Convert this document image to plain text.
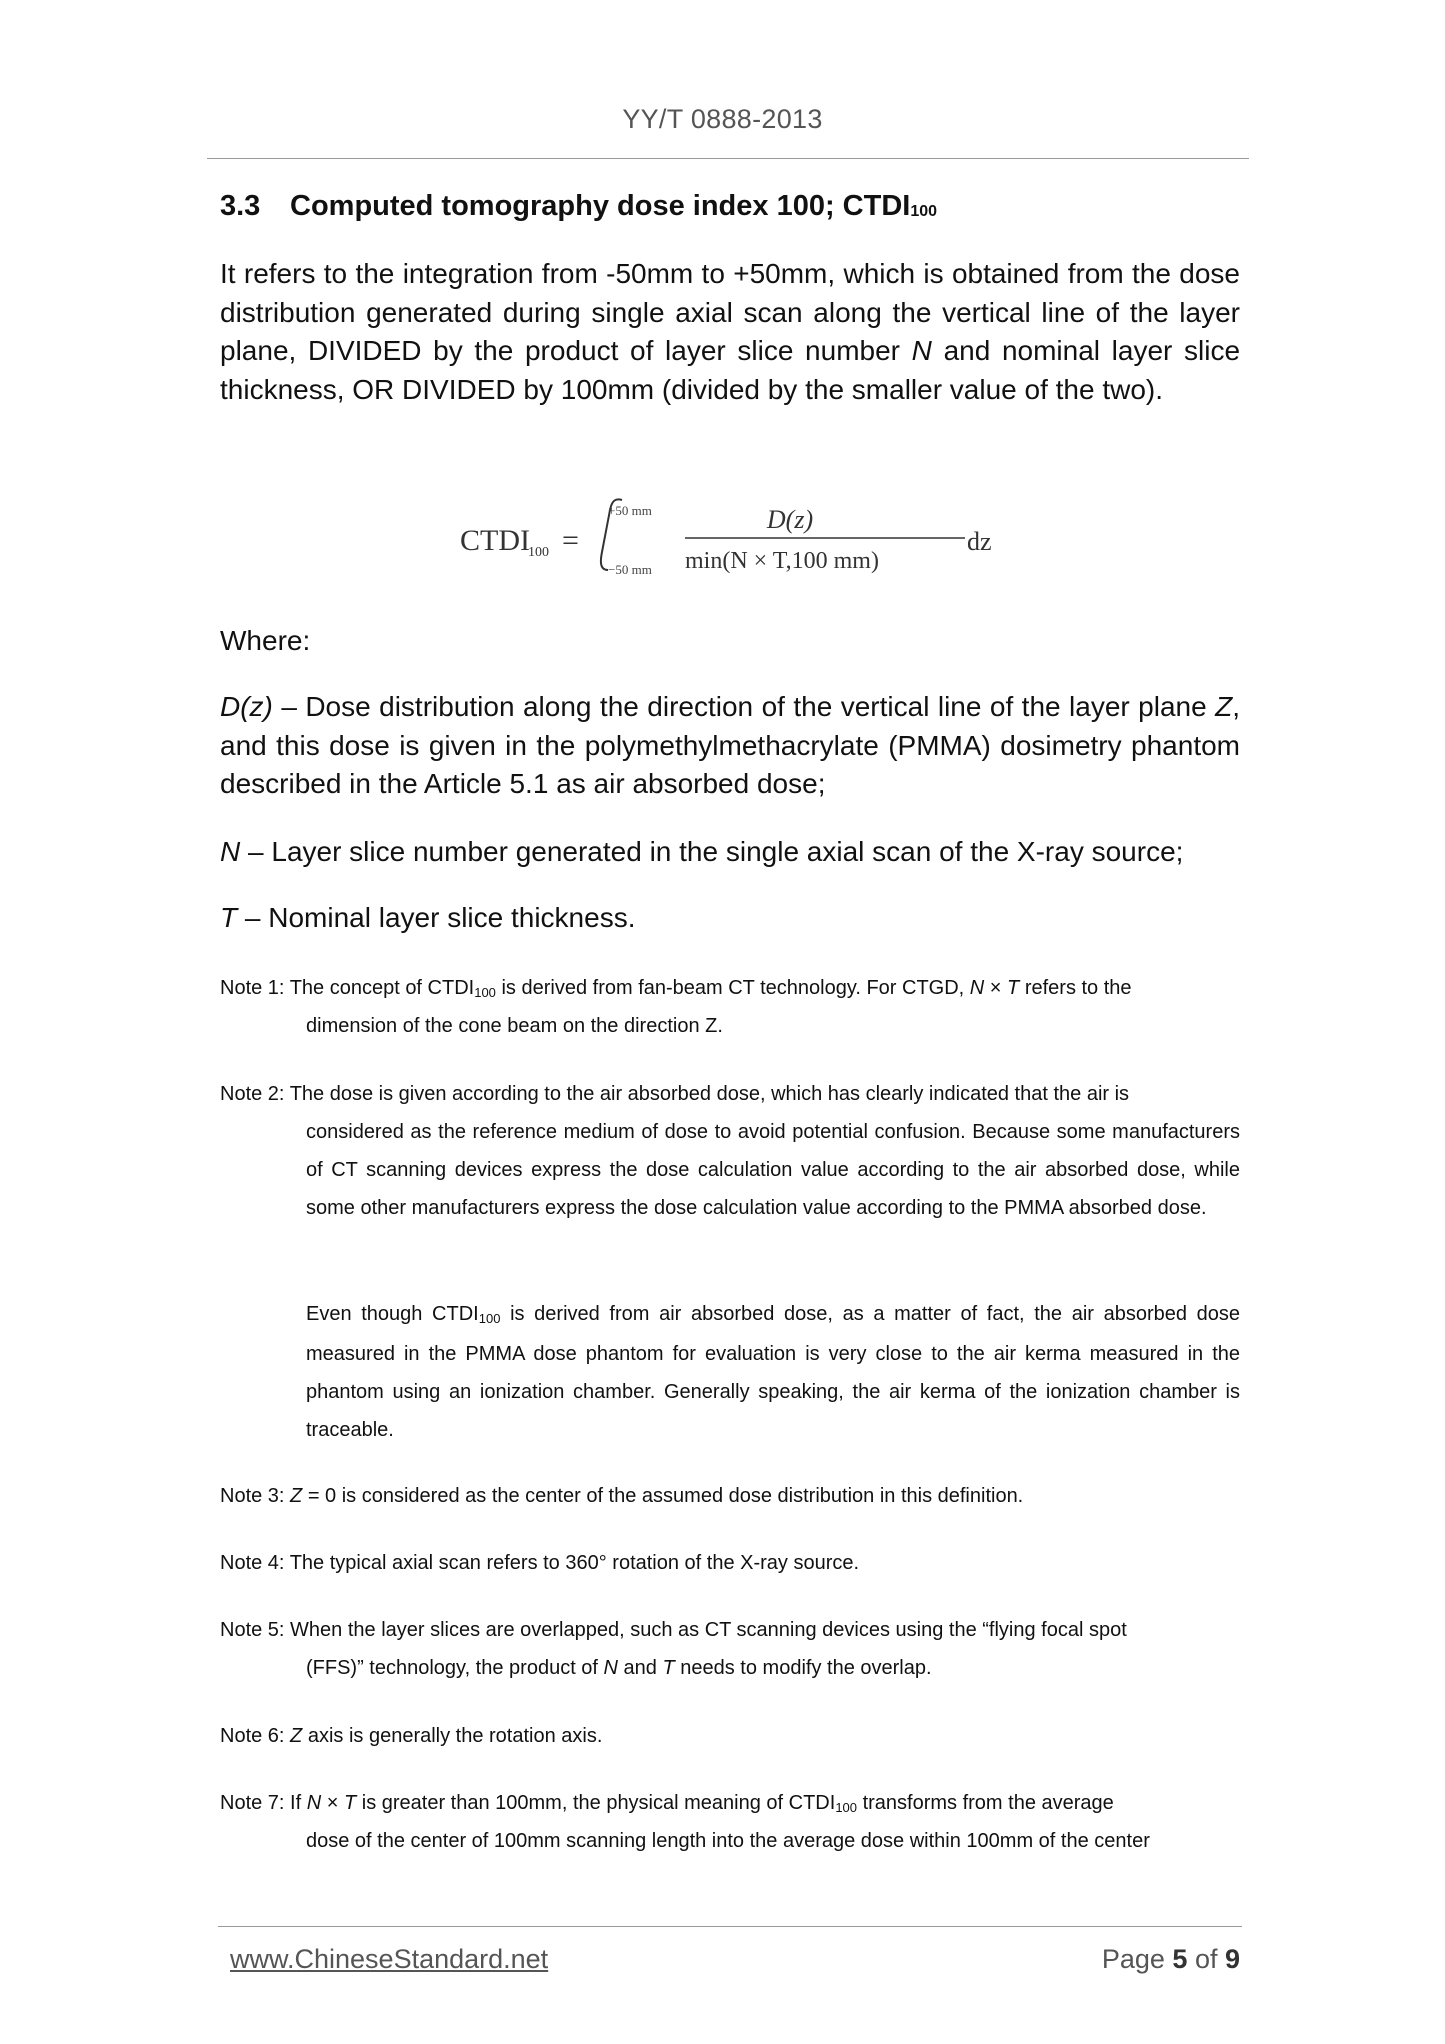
YY/T 0888-2013
3.3 Computed tomography dose index 100; $CTDI_{100}$
It refers to the integration from -50mm to +50mm, which is obtained from the dose distribution generated during single axial scan along the vertical line of the layer plane, DIVIDED by the product of layer slice number N and nominal layer slice thickness, OR DIVIDED by 100mm (divided by the smaller value of the two).
CTDI
100 =
+50 mm
−50 mm
D(z)
min(N × T,100 mm)
dz
Where:
D(z) – Dose distribution along the direction of the vertical line of the layer plane Z, and this dose is given in the polymethylmethacrylate (PMMA) dosimetry phantom described in the Article 5.1 as air absorbed dose;
N – Layer slice number generated in the single axial scan of the X-ray source;
T – Nominal layer slice thickness.
Note 1: The concept of $CTDI_{100}$ is derived from fan-beam CT technology. For CTGD, N × T refers to the
dimension of the cone beam on the direction Z.
Note 2: The dose is given according to the air absorbed dose, which has clearly indicated that the air is
considered as the reference medium of dose to avoid potential confusion. Because some manufacturers of CT scanning devices express the dose calculation value according to the air absorbed dose, while some other manufacturers express the dose calculation value according to the PMMA absorbed dose.
Even though $CTDI_{100}$ is derived from air absorbed dose, as a matter of fact, the air absorbed dose measured in the PMMA dose phantom for evaluation is very close to the air kerma measured in the phantom using an ionization chamber. Generally speaking, the air kerma of the ionization chamber is traceable.
Note 3: Z = 0 is considered as the center of the assumed dose distribution in this definition.
Note 4: The typical axial scan refers to 360° rotation of the X-ray source.
Note 5: When the layer slices are overlapped, such as CT scanning devices using the “flying focal spot
(FFS)” technology, the product of N and T needs to modify the overlap.
Note 6: Z axis is generally the rotation axis.
Note 7: If N × T is greater than 100mm, the physical meaning of $CTDI_{100}$ transforms from the average
dose of the center of 100mm scanning length into the average dose within 100mm of the center
www.ChineseStandard.net	Page 5 of 9
